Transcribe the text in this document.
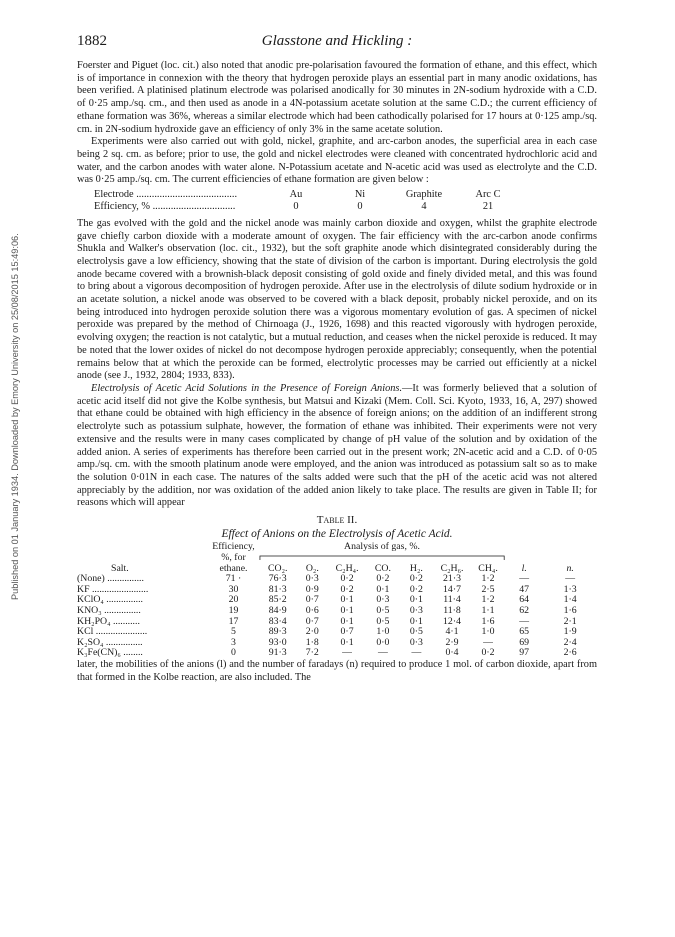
Published on 01 January 1934. Downloaded by Emory University on 25/08/2015 15:49:06.
1882	Glasstone and Hickling :

Foerster and Piguet (loc. cit.) also noted that anodic pre-polarisation favoured the formation of ethane, and this effect, which is of importance in connexion with the theory that hydrogen peroxide plays an essential part in many anodic oxidations, has been verified. A platinised platinum electrode was polarised anodically for 30 minutes in 2N-sodium hydroxide with a C.D. of 0·25 amp./sq. cm., and then used as anode in a 4N-potassium acetate solution at the same C.D.; the current efficiency of ethane formation was 36%, whereas a similar electrode which had been cathodically polarised for 17 hours at 0·125 amp./sq. cm. in 2N-sodium hydroxide gave an efficiency of only 3% in the same acetate solution.

Experiments were also carried out with gold, nickel, graphite, and arc-carbon anodes, the superficial area in each case being 2 sq. cm. as before; prior to use, the gold and nickel electrodes were cleaned with concentrated hydrochloric acid and water, and the carbon anodes with water alone. N-Potassium acetate and N-acetic acid was used as electrolyte and the C.D. was 0·25 amp./sq. cm. The current efficiencies of ethane formation are given below :

Electrode .......................................	Au	Ni	Graphite	Arc C
Efficiency, % ................................	0	0	4	21

The gas evolved with the gold and the nickel anode was mainly carbon dioxide and oxygen, whilst the graphite electrode gave chiefly carbon dioxide with a moderate amount of oxygen. The fair efficiency with the arc-carbon anode confirms Shukla and Walker's observation (loc. cit., 1932), but the soft graphite anode which disintegrated considerably during the electrolysis gave a low efficiency, showing that the state of division of the carbon is important. During electrolysis the gold anode became covered with a brownish-black deposit consisting of gold oxide and finely divided metal, and this was found to bring about a vigorous decomposition of hydrogen peroxide. After use in the electrolysis of dilute sodium hydroxide or in an acetate solution, a nickel anode was observed to be covered with a black deposit, probably nickel peroxide, and on its being introduced into hydrogen peroxide solution there was a vigorous momentary evolution of gas. A specimen of nickel peroxide was prepared by the method of Chirnoaga (J., 1926, 1698) and this reacted vigorously with hydrogen peroxide, evolving oxygen; the reaction is not catalytic, but a mutual reduction, and ceases when the nickel peroxide is reduced. It may be noted that the lower oxides of nickel do not decompose hydrogen peroxide appreciably; consequently, when the potential remains below that at which the peroxide can be formed, electrolytic processes may be carried out efficiently at a nickel anode (see J., 1932, 2804; 1933, 833).

Electrolysis of Acetic Acid Solutions in the Presence of Foreign Anions.—It was formerly believed that a solution of acetic acid itself did not give the Kolbe synthesis, but Matsui and Kizaki (Mem. Coll. Sci. Kyoto, 1933, 16, A, 297) showed that ethane could be obtained with high efficiency in the absence of foreign anions; on the addition of an indifferent strong electrolyte such as potassium sulphate, however, the formation of ethane was inhibited. Their experiments were not very extensive and the results were in many cases complicated by change of pH value of the solution and by oxidation of the added anion. A series of experiments has therefore been carried out in the present work; 2N-acetic acid and a C.D. of 0·05 amp./sq. cm. with the smooth platinum anode were employed, and the anion was introduced as potassium salt so as to make the solution 0·01N in each case. The natures of the salts added were such that the pH of the acetic acid was not altered appreciably by the addition, nor was oxidation of the added anion likely to take place. The results are given in Table II; for reasons which will appear

Table II.
Effect of Anions on the Electrolysis of Acetic Acid.
	Efficiency,	Analysis of gas, %.								
	%, for			
Salt.	ethane.	CO₂.	O₂.	C₂H₄.	CO.	H₂.	C₂H₆.	CH₄.	l.	n.
(None) ...............	71 ·	76·3	0·3	0·2	0·2	0·2	21·3	1·2	—	—
KF .......................	30	81·3	0·9	0·2	0·1	0·2	14·7	2·5	47	1·3
KClO₄ ...............	20	85·2	0·7	0·1	0·3	0·1	11·4	1·2	64	1·4
KNO₃ ...............	19	84·9	0·6	0·1	0·5	0·3	11·8	1·1	62	1·6
KH₂PO₄ ...........	17	83·4	0·7	0·1	0·5	0·1	12·4	1·6	—	2·1
KCl .....................	5	89·3	2·0	0·7	1·0	0·5	4·1	1·0	65	1·9
K₂SO₄ ...............	3	93·0	1·8	0·1	0·0	0·3	2·9	—	69	2·4
K₃Fe(CN)₆ ........	0	91·3	7·2	—	—	—	0·4	0·2	97	2·6

later, the mobilities of the anions (l) and the number of faradays (n) required to produce 1 mol. of carbon dioxide, apart from that formed in the Kolbe reaction, are also included. The
